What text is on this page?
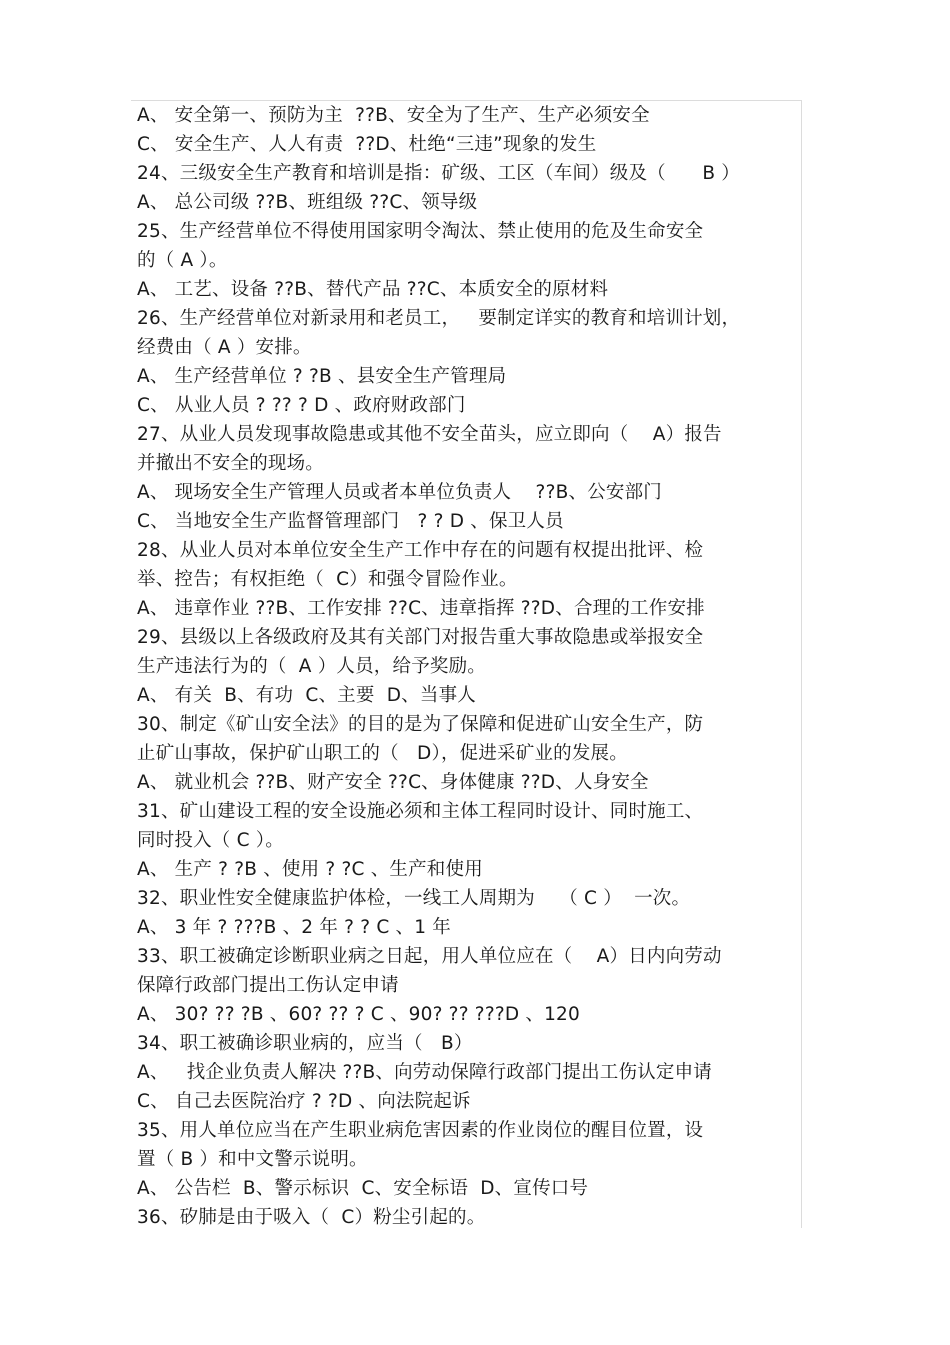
A、 安全第一、预防为主  ??B、安全为了生产、生产必须安全
C、 安全生产、人人有责  ??D、杜绝“三违”现象的发生
24、三级安全生产教育和培训是指：矿级、工区（车间）级及（      B ）
A、 总公司级 ??B、班组级 ??C、领导级
25、生产经营单位不得使用国家明令淘汰、禁止使用的危及生命安全
的（ A ）。
A、 工艺、设备 ??B、替代产品 ??C、本质安全的原材料
26、生产经营单位对新录用和老员工，   要制定详实的教育和培训计划，
经费由（ A ）安排。
A、 生产经营单位 ? ?B 、县安全生产管理局
C、 从业人员 ? ?? ? D 、政府财政部门
27、从业人员发现事故隐患或其他不安全苗头，应立即向（    A）报告
并撤出不安全的现场。
A、 现场安全生产管理人员或者本单位负责人    ??B、公安部门
C、 当地安全生产监督管理部门   ? ? D 、保卫人员
28、从业人员对本单位安全生产工作中存在的问题有权提出批评、检
举、控告；有权拒绝（  C）和强令冒险作业。
A、 违章作业 ??B、工作安排 ??C、违章指挥 ??D、合理的工作安排
29、县级以上各级政府及其有关部门对报告重大事故隐患或举报安全
生产违法行为的（  A ）人员，给予奖励。
A、 有关  B、有功  C、主要  D、当事人
30、制定《矿山安全法》的目的是为了保障和促进矿山安全生产，防
止矿山事故，保护矿山职工的（   D），促进采矿业的发展。
A、 就业机会 ??B、财产安全 ??C、身体健康 ??D、人身安全
31、矿山建设工程的安全设施必须和主体工程同时设计、同时施工、
同时投入（ C ）。
A、 生产 ? ?B 、使用 ? ?C 、生产和使用
32、职业性安全健康监护体检，一线工人周期为    （ C ）  一次。
A、 3 年 ? ???B 、2 年 ? ? C 、1 年
33、职工被确定诊断职业病之日起，用人单位应在（    A）日内向劳动
保障行政部门提出工伤认定申请
A、 30? ?? ?B 、60? ?? ? C 、90? ?? ???D 、120
34、职工被确诊职业病的，应当（   B）
A、   找企业负责人解决 ??B、向劳动保障行政部门提出工伤认定申请
C、 自己去医院治疗 ? ?D 、向法院起诉
35、用人单位应当在产生职业病危害因素的作业岗位的醒目位置，设
置（ B ）和中文警示说明。
A、 公告栏  B、警示标识  C、安全标语  D、宣传口号
36、矽肺是由于吸入（  C）粉尘引起的。
